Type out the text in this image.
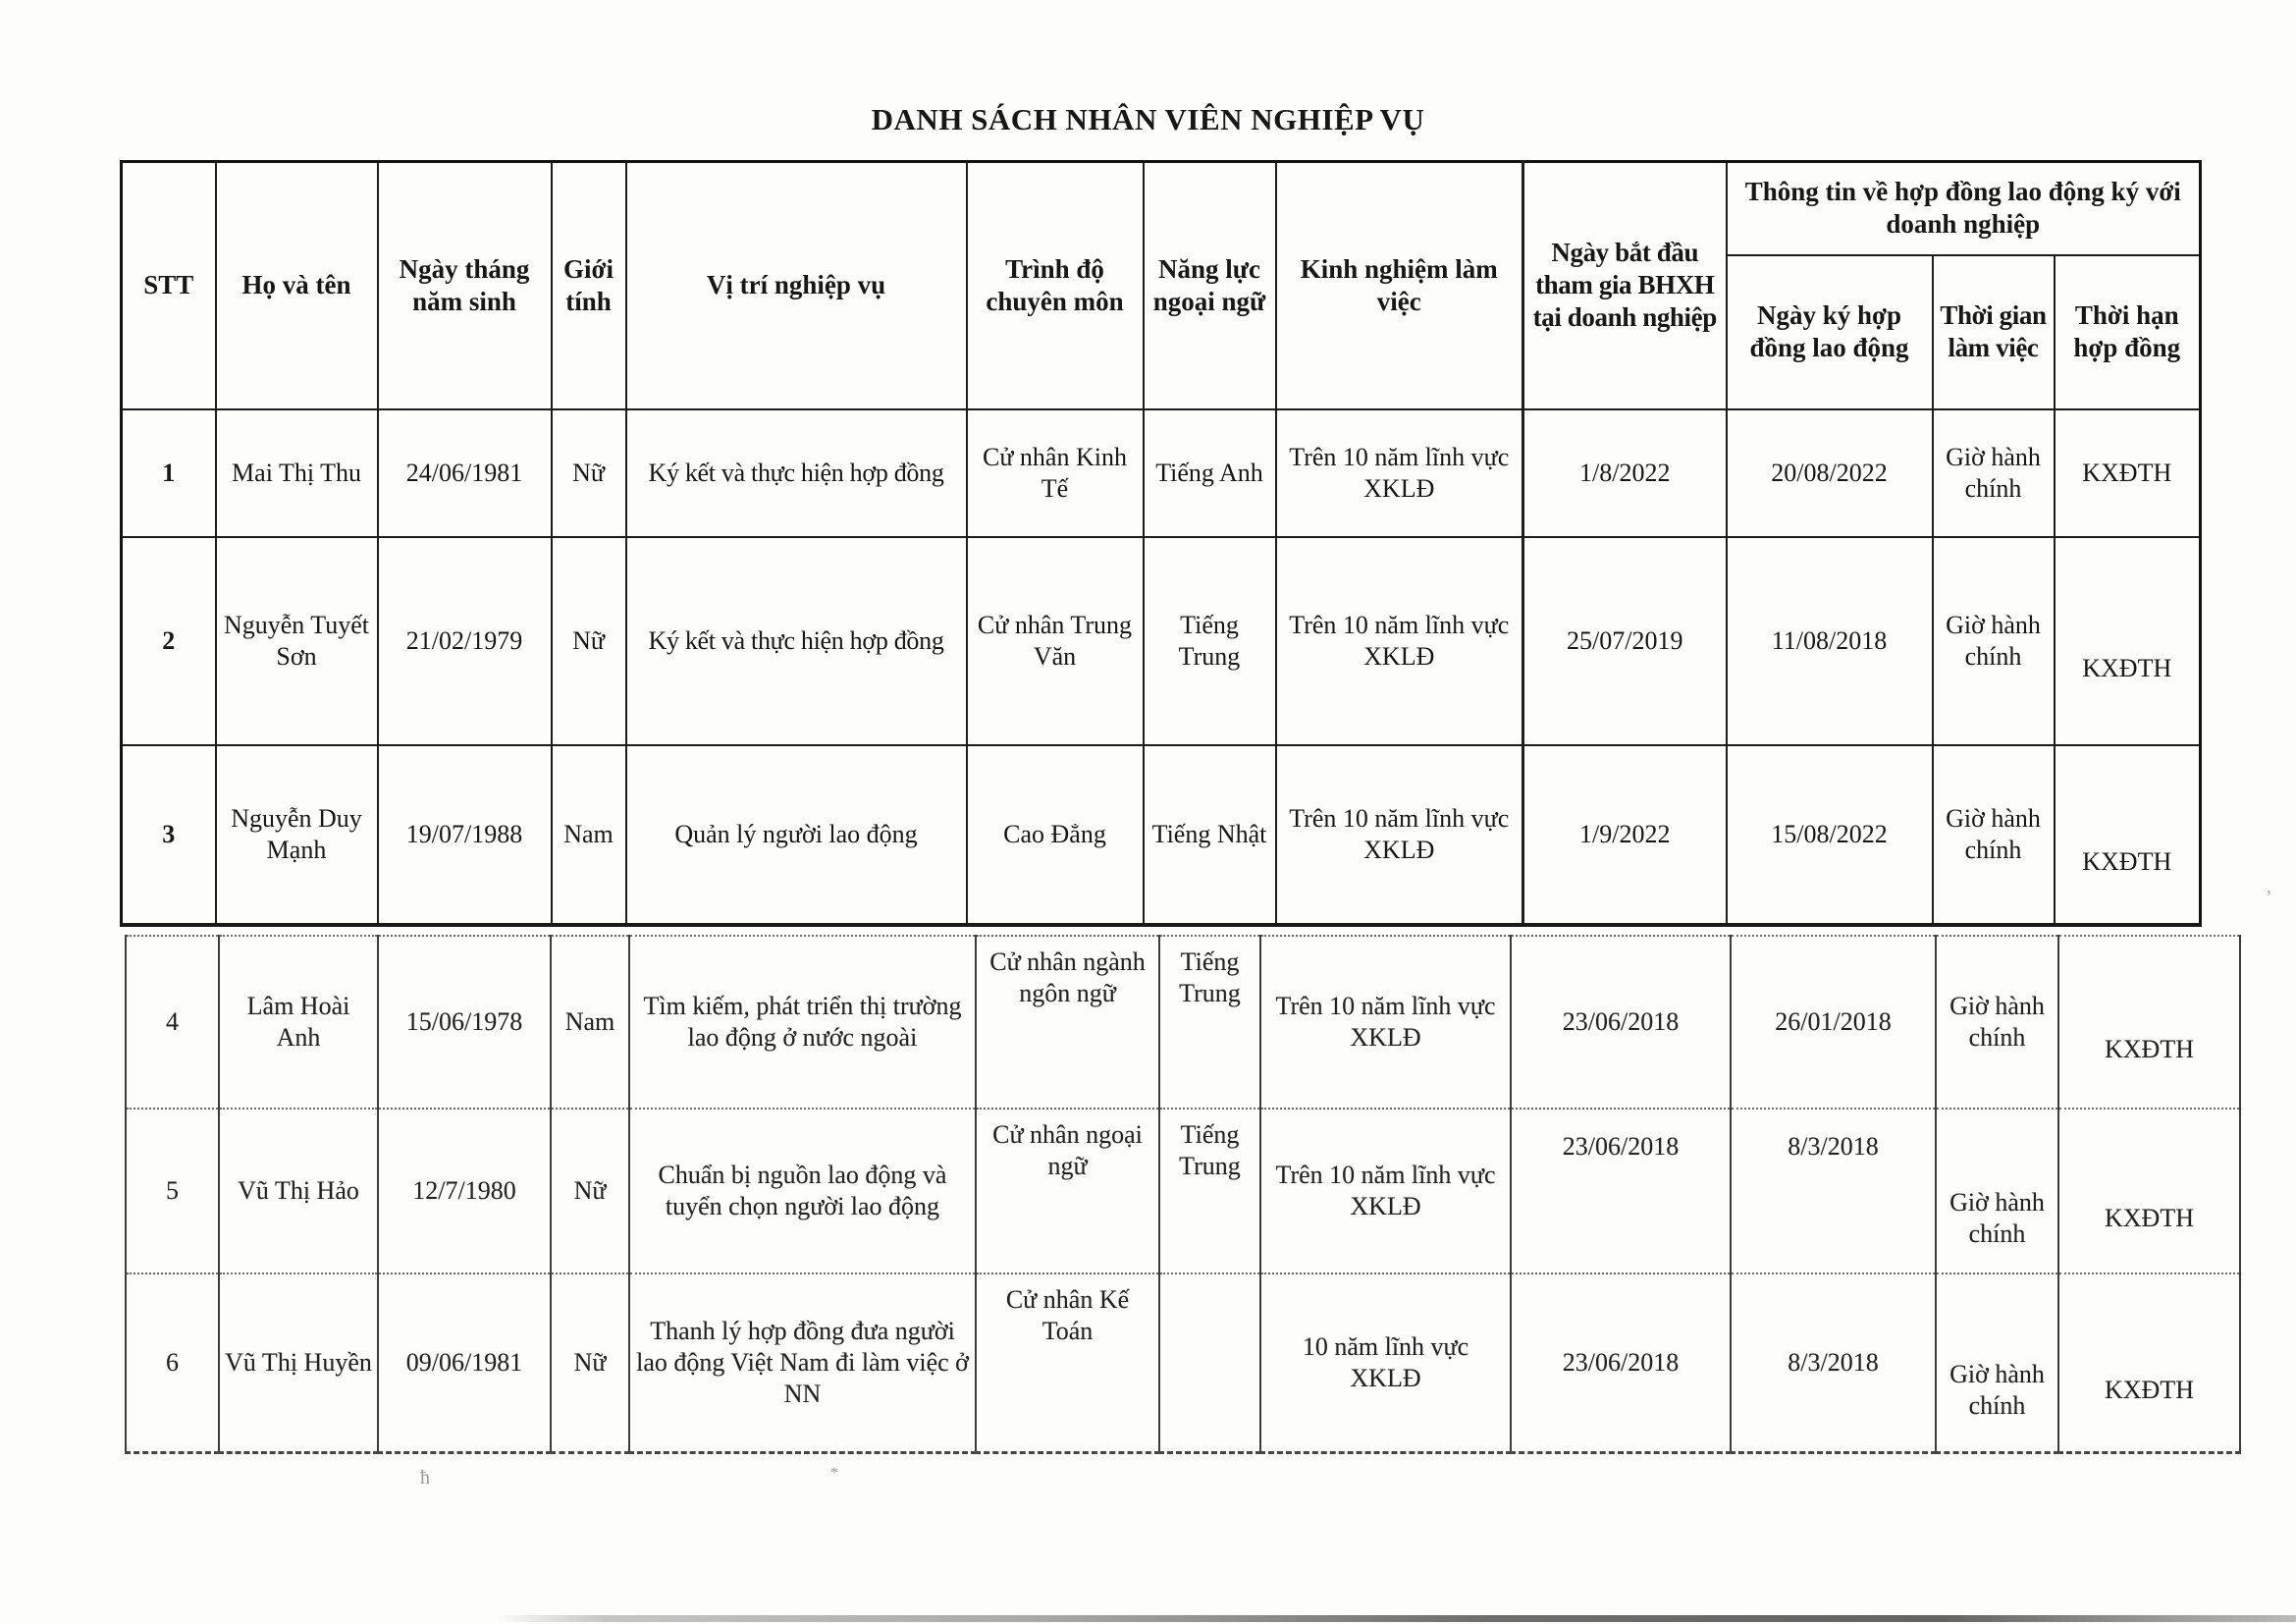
DANH SÁCH NHÂN VIÊN NGHIỆP VỤ
STT	Họ và tên	Ngày tháng năm sinh	Giới tính	Vị trí nghiệp vụ	Trình độ chuyên môn	Năng lực ngoại ngữ	Kinh nghiệm làm việc	Ngày bắt đầu tham gia BHXH tại doanh nghiệp	Thông tin về hợp đồng lao động ký với doanh nghiệp		
									Ngày ký hợp đồng lao động	Thời gian làm việc	Thời hạn hợp đồng
1	Mai Thị Thu	24/06/1981	Nữ	Ký kết và thực hiện hợp đồng	Cử nhân Kinh Tế	Tiếng Anh	Trên 10 năm lĩnh vực XKLĐ	1/8/2022	20/08/2022	Giờ hành chính	KXĐTH
2	Nguyễn Tuyết Sơn	21/02/1979	Nữ	Ký kết và thực hiện hợp đồng	Cử nhân Trung Văn	Tiếng Trung	Trên 10 năm lĩnh vực XKLĐ	25/07/2019	11/08/2018	Giờ hành chính	KXĐTH
3	Nguyễn Duy Mạnh	19/07/1988	Nam	Quản lý người lao động	Cao Đẳng	Tiếng Nhật	Trên 10 năm lĩnh vực XKLĐ	1/9/2022	15/08/2022	Giờ hành chính	KXĐTH
4	Lâm Hoài Anh	15/06/1978	Nam	Tìm kiếm, phát triển thị trường lao động ở nước ngoài	Cử nhân ngành ngôn ngữ	Tiếng Trung	Trên 10 năm lĩnh vực XKLĐ	23/06/2018	26/01/2018	Giờ hành chính	KXĐTH
5	Vũ Thị Hảo	12/7/1980	Nữ	Chuẩn bị nguồn lao động và tuyển chọn người lao động	Cử nhân ngoại ngữ	Tiếng Trung	Trên 10 năm lĩnh vực XKLĐ	23/06/2018	8/3/2018	Giờ hành chính	KXĐTH
6	Vũ Thị Huyền	09/06/1981	Nữ	Thanh lý hợp đồng đưa người lao động Việt Nam đi làm việc ở NN	Cử nhân Kế Toán		10 năm lĩnh vực XKLĐ	23/06/2018	8/3/2018	Giờ hành chính	KXĐTH
ћ	*
‚
